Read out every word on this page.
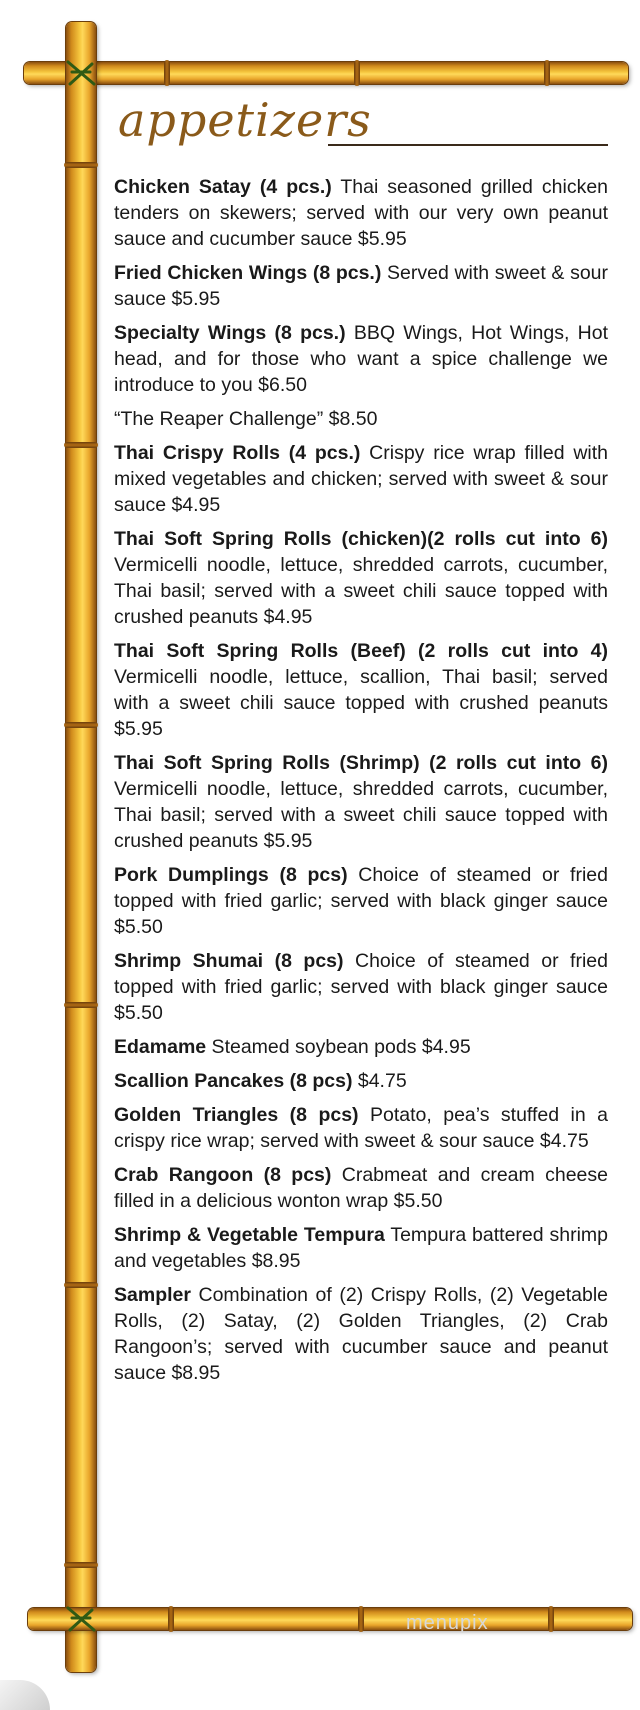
appetizers

Chicken Satay (4 pcs.) Thai seasoned grilled chicken tenders on skewers; served with our very own peanut sauce and cucumber sauce $5.95

Fried Chicken Wings (8 pcs.) Served with sweet & sour sauce $5.95

Specialty Wings (8 pcs.) BBQ Wings, Hot Wings, Hot head, and for those who want a spice challenge we introduce to you $6.50

“The Reaper Challenge” $8.50

Thai Crispy Rolls (4 pcs.) Crispy rice wrap filled with mixed vegetables and chicken; served with sweet & sour sauce $4.95

Thai Soft Spring Rolls (chicken)(2 rolls cut into 6) Vermicelli noodle, lettuce, shredded carrots, cucumber, Thai basil; served with a sweet chili sauce topped with crushed peanuts $4.95

Thai Soft Spring Rolls (Beef) (2 rolls cut into 4) Vermicelli noodle, lettuce, scallion, Thai basil; served with a sweet chili sauce topped with crushed peanuts $5.95

Thai Soft Spring Rolls (Shrimp) (2 rolls cut into 6) Vermicelli noodle, lettuce, shredded carrots, cucumber, Thai basil; served with a sweet chili sauce topped with crushed peanuts $5.95

Pork Dumplings (8 pcs) Choice of steamed or fried topped with fried garlic; served with black ginger sauce $5.50

Shrimp Shumai (8 pcs) Choice of steamed or fried topped with fried garlic; served with black ginger sauce $5.50

Edamame Steamed soybean pods $4.95

Scallion Pancakes (8 pcs) $4.75

Golden Triangles (8 pcs) Potato, pea’s stuffed in a crispy rice wrap; served with sweet & sour sauce $4.75

Crab Rangoon (8 pcs) Crabmeat and cream cheese filled in a delicious wonton wrap $5.50

Shrimp & Vegetable Tempura Tempura battered shrimp and vegetables $8.95

Sampler Combination of (2) Crispy Rolls, (2) Vegetable Rolls, (2) Satay, (2) Golden Triangles, (2) Crab Rangoon’s; served with cucumber sauce and peanut sauce $8.95

menupix
